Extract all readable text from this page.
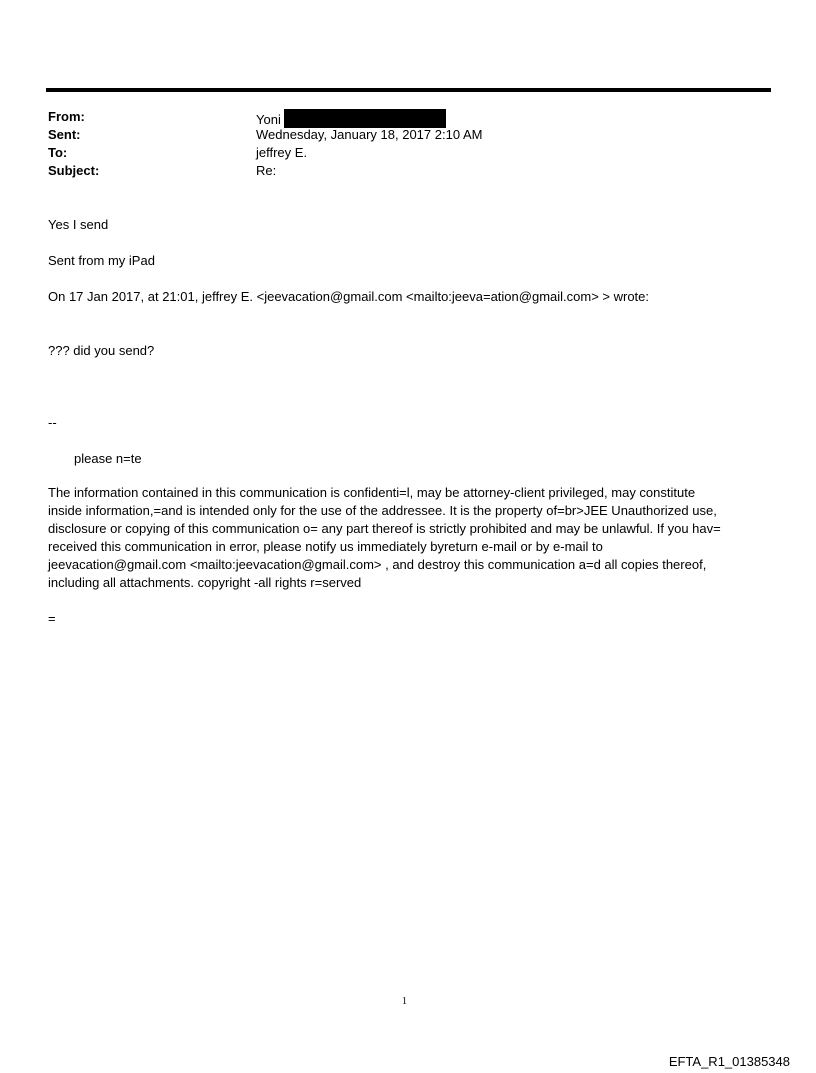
From:	Yoni
Sent:	Wednesday, January 18, 2017 2:10 AM
To:	jeffrey E.
Subject:	Re:
Yes I send
Sent from my iPad
On 17 Jan 2017, at 21:01, jeffrey E. <jeevacation@gmail.com <mailto:jeeva=ation@gmail.com> > wrote:
??? did you send?
--
please n=te
The information contained in this communication is confidenti=l, may be attorney-client privileged, may constitute
inside information,=and is intended only for the use of the addressee. It is the property of=br>JEE Unauthorized use,
disclosure or copying of this communication o= any part thereof is strictly prohibited and may be unlawful. If you hav=
received this communication in error, please notify us immediately byreturn e-mail or by e-mail to
jeevacation@gmail.com <mailto:jeevacation@gmail.com> , and destroy this communication a=d all copies thereof,
including all attachments. copyright -all rights r=served
=
1
EFTA_R1_01385348
